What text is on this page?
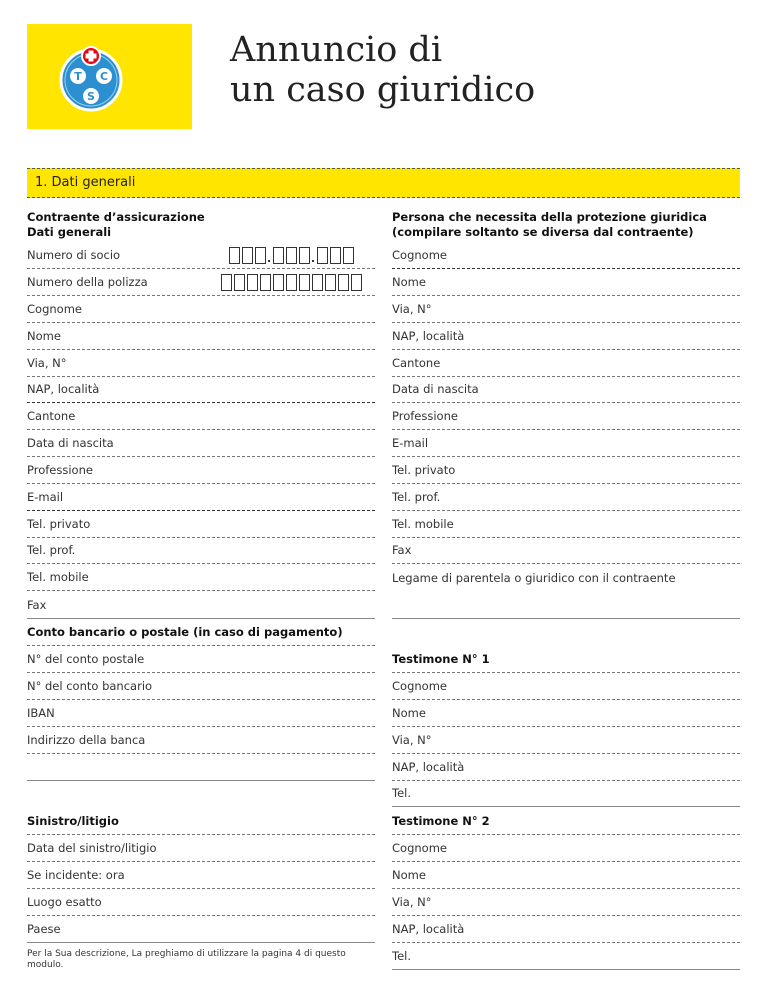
T C
S
Annuncio di
un caso giuridico
1. Dati generali
Contraente d’assicurazione
Dati generali
Numero di socio
Numero della polizza
Cognome
Nome
Via, N°
NAP, località
Cantone
Data di nascita
Professione
E-mail
Tel. privato
Tel. prof.
Tel. mobile
Fax
Conto bancario o postale (in caso di pagamento)
N° del conto postale
N° del conto bancario
IBAN
Indirizzo della banca
Sinistro/litigio
Data del sinistro/litigio
Se incidente: ora
Luogo esatto
Paese
Per la Sua descrizione, La preghiamo di utilizzare la pagina 4 di questo modulo.
Persona che necessita della protezione giuridica
(compilare soltanto se diversa dal contraente)
Cognome
Nome
Via, N°
NAP, località
Cantone
Data di nascita
Professione
E-mail
Tel. privato
Tel. prof.
Tel. mobile
Fax
Legame di parentela o giuridico con il contraente
Testimone N° 1
Cognome
Nome
Via, N°
NAP, località
Tel.
Testimone N° 2
Cognome
Nome
Via, N°
NAP, località
Tel.
